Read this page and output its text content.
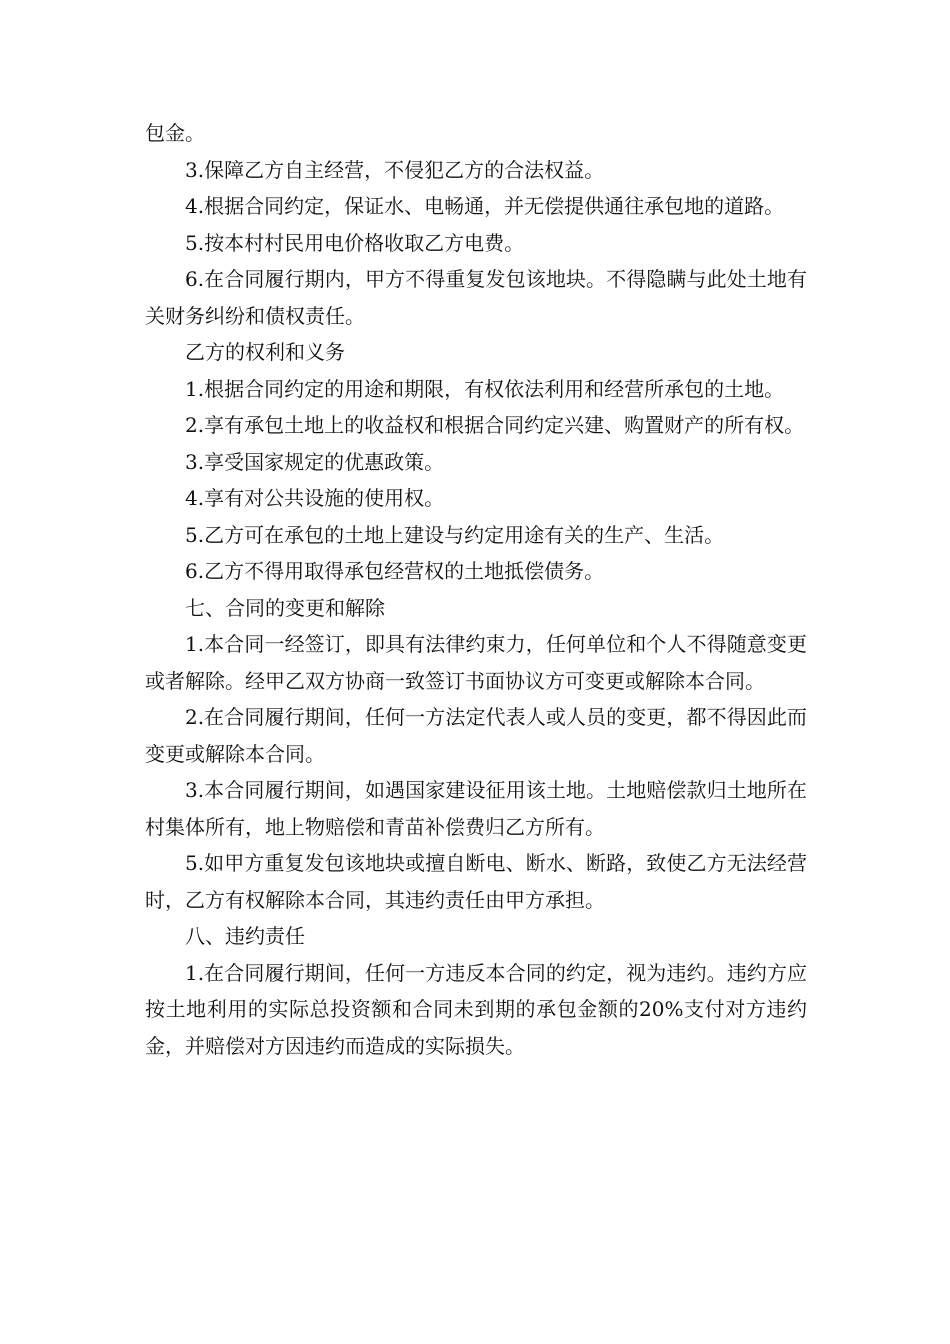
包金。

3.保障乙方自主经营，不侵犯乙方的合法权益。

4.根据合同约定，保证水、电畅通，并无偿提供通往承包地的道路。

5.按本村村民用电价格收取乙方电费。

6.在合同履行期内，甲方不得重复发包该地块。不得隐瞒与此处土地有关财务纠纷和债权责任。

乙方的权利和义务

1.根据合同约定的用途和期限，有权依法利用和经营所承包的土地。

2.享有承包土地上的收益权和根据合同约定兴建、购置财产的所有权。

3.享受国家规定的优惠政策。

4.享有对公共设施的使用权。

5.乙方可在承包的土地上建设与约定用途有关的生产、生活。

6.乙方不得用取得承包经营权的土地抵偿债务。

七、合同的变更和解除

1.本合同一经签订，即具有法律约束力，任何单位和个人不得随意变更或者解除。经甲乙双方协商一致签订书面协议方可变更或解除本合同。

2.在合同履行期间，任何一方法定代表人或人员的变更，都不得因此而变更或解除本合同。

3.本合同履行期间，如遇国家建设征用该土地。土地赔偿款归土地所在村集体所有，地上物赔偿和青苗补偿费归乙方所有。

5.如甲方重复发包该地块或擅自断电、断水、断路，致使乙方无法经营时，乙方有权解除本合同，其违约责任由甲方承担。

八、违约责任

1.在合同履行期间，任何一方违反本合同的约定，视为违约。违约方应按土地利用的实际总投资额和合同未到期的承包金额的20%支付对方违约金，并赔偿对方因违约而造成的实际损失。
